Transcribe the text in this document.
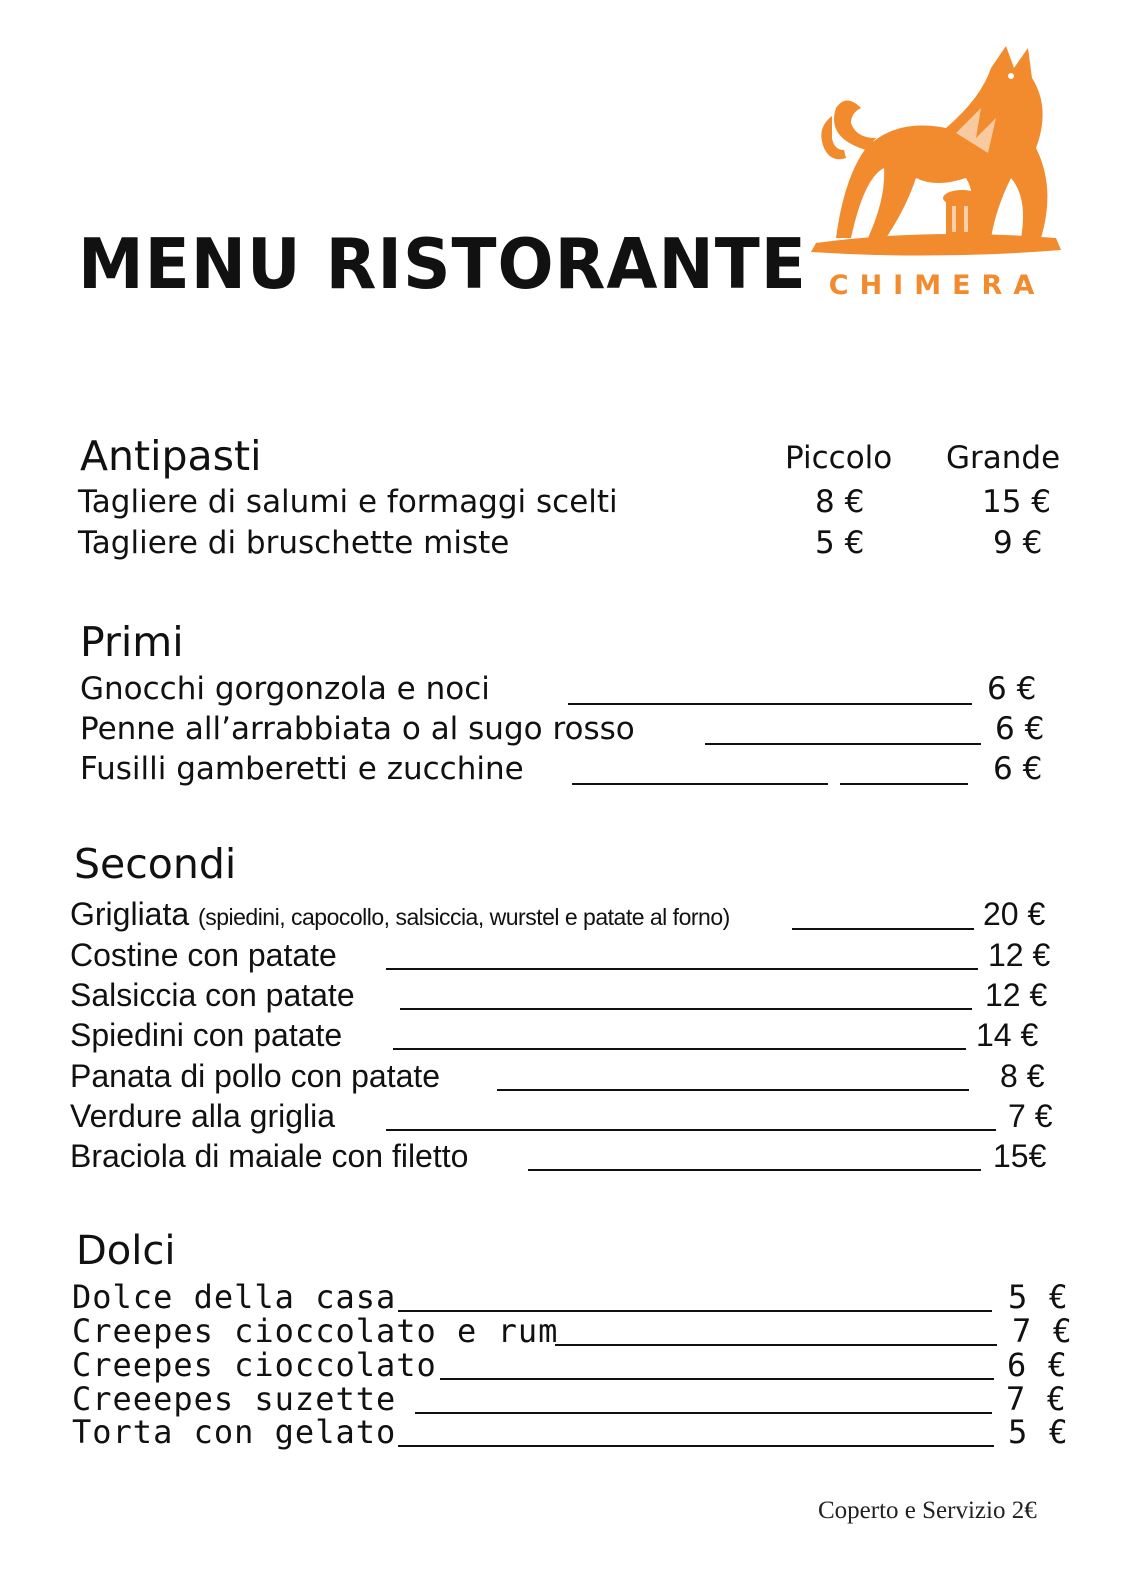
MENU RISTORANTE CHIMERA
Antipasti	Piccolo Grande
Tagliere di salumi e formaggi scelti	8 €	15 €
Tagliere di bruschette miste	5 €	9 €
Primi
Gnocchi gorgonzola e noci	6 €
Penne all’arrabbiata o al sugo rosso	6 €
Fusilli gamberetti e zucchine	6 €
Secondi
Grigliata (spiedini, capocollo, salsiccia, wurstel e patate al forno)	20 €
Costine con patate	12 €
Salsiccia con patate	12 €
Spiedini con patate	14 €
Panata di pollo con patate	8 €
Verdure alla griglia	7 €
Braciola di maiale con filetto	15€
Dolci
Dolce della casa	5 €
Creepes cioccolato e rum	7 €
Creepes cioccolato	6 €
Creeepes suzette	7 €
Torta con gelato	5 €
Coperto e Servizio 2€
